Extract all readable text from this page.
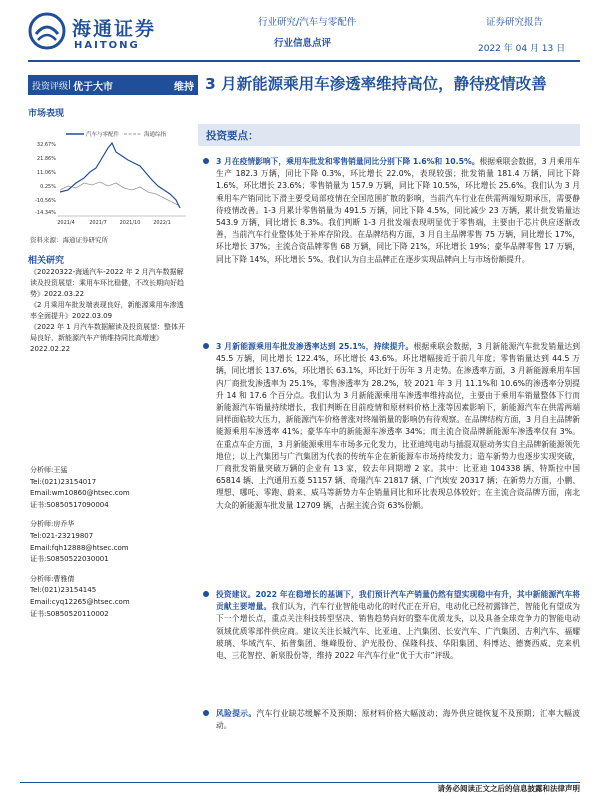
海通证券
HAITONG
行业研究/汽车与零配件
行业信息点评
证券研究报告
2022 年 04 月 13 日
投资评级 | 优于大市	维持
市场表现
汽车与零配件	海通综指
32.67%
21.86%
11.06%
0.25%
-10.56%
-14.34%
2021/4	2021/7	2021/10	2022/1
资料来源：海通证券研究所
相关研究

《20220322-海通汽车-2022 年 2 月汽车数据解读及投资展望：乘用车环比稳健，不改长期向好趋势》2022.03.22

《2 月乘用车批发端表现良好，新能源乘用车渗透率全面提升》2022.03.09

《2022 年 1 月汽车数据解读及投资展望：整体开局良好，新能源汽车产销维持同比高增速》2022.02.22

分析师:王猛
Tel:(021)23154017
Email:wm10860@htsec.com
证书:S0850517090004
分析师:房乔华
Tel:021-23219807
Email:fqh12888@htsec.com
证书:S0850522030001
分析师:曹雅倩
Tel:(021)23154145
Email:cyq12265@htsec.com
证书:S0850520110002
3 月新能源乘用车渗透率维持高位，静待疫情改善
投资要点：
3 月在疫情影响下，乘用车批发和零售销量同比分别下降 1.6%和 10.5%。根据乘联会数据，3 月乘用车生产 182.3 万辆，同比下降 0.3%，环比增长 22.0%，表现较强；批发销量 181.4 万辆，同比下降 1.6%，环比增长 23.6%；零售销量为 157.9 万辆，同比下降 10.5%，环比增长 25.6%。我们认为 3 月乘用车产销同比下滑主要受局部疫情在全国范围扩散的影响，当前汽车行业在供需两端短期承压，需要静待疫情改善。1-3 月累计零售销量为 491.5 万辆，同比下降 4.5%，同比减少 23 万辆，累计批发销量达 543.9 万辆，同比增长 8.3%。我们判断 1-3 月批发端表现明显优于零售端，主要由于芯片供应逐渐改善，当前汽车行业整体处于补库存阶段。在品牌结构方面，3 月自主品牌零售 75 万辆，同比增长 17%，环比增长 37%；主流合资品牌零售 68 万辆，同比下降 21%，环比增长 19%；豪华品牌零售 17 万辆，同比下降 14%，环比增长 5%。我们认为自主品牌正在逐步实现品牌向上与市场份额提升。
3 月新能源乘用车批发渗透率达到 25.1%，持续提升。根据乘联会数据，3 月新能源汽车批发销量达到 45.5 万辆，同比增长 122.4%，环比增长 43.6%。环比增幅接近于前几年度；零售销量达到 44.5 万辆，同比增长 137.6%，环比增长 63.1%，环比好于历年 3 月走势。在渗透率方面，3 月新能源乘用车国内厂商批发渗透率为 25.1%，零售渗透率为 28.2%，较 2021 年 3 月 11.1%和 10.6%的渗透率分别提升 14 和 17.6 个百分点。我们认为 3 月新能源乘用车渗透率维持高位，主要由于乘用车销量整体下行而新能源汽车销量持续增长，我们判断在目前疫情和原材料价格上涨等因素影响下，新能源汽车在供需两端同样面临较大压力，新能源汽车价格普涨对终端销量的影响仍有待观察。在品牌结构方面，3 月自主品牌新能源乘用车渗透率 41%；豪华车中的新能源车渗透率 34%；而主流合资品牌新能源车渗透率仅有 3%。在重点车企方面，3 月新能源乘用车市场多元化发力，比亚迪纯电动与插混双驱动务实自主品牌新能源领先地位；以上汽集团与广汽集团为代表的传统车企在新能源车市场持续发力；造车新势力也逐步实现突破，厂商批发销量突破万辆的企业有 13 家，较去年同期增 2 家。其中：比亚迪 104338 辆、特斯拉中国 65814 辆、上汽通用五菱 51157 辆、奇瑞汽车 21817 辆、广汽埃安 20317 辆；在新势力方面，小鹏、理想、哪吒、零跑、蔚来、威马等新势力车企销量同比和环比表现总体较好；在主流合资品牌方面，南北大众的新能源车批发量 12709 辆，占据主流合资 63%份额。
投资建议。2022 年在稳增长的基调下，我们预计汽车产销量仍然有望实现稳中有升，其中新能源汽车将贡献主要增量。我们认为，汽车行业智能电动化的时代正在开启，电动化已经初露锋芒，智能化有望成为下一个增长点，重点关注科技转型坚决、销售趋势向好的整车优质龙头，以及具备全球竞争力的智能电动领域优质零部件供应商。建议关注长城汽车、比亚迪、上汽集团、长安汽车、广汽集团、吉利汽车、福耀玻璃、华域汽车、拓普集团、继峰股份、沪光股份、保隆科技、华阳集团、科博达、德赛西威、克来机电、三花智控、新泉股份等，维持 2022 年汽车行业“优于大市”评级。
风险提示。汽车行业缺芯缓解不及预期；原材料价格大幅波动；海外供应链恢复不及预期；汇率大幅波动。
请务必阅读正文之后的信息披露和法律声明
